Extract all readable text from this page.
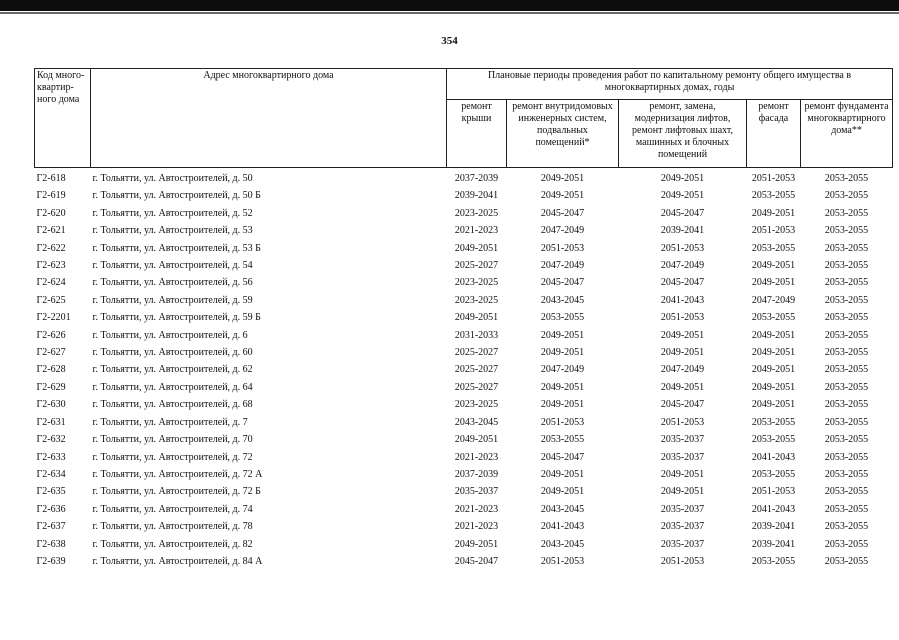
354
Код много-квартир-ного дома	Адрес многоквартирного дома	Плановые периоды проведения работ по капитальному ремонту общего имущества в многоквартирных домах, годы				
		ремонт крыши	ремонт внутридомовых инженерных систем, подвальных помещений*	ремонт, замена, модернизация лифтов, ремонт лифтовых шахт, машинных и блочных помещений	ремонт фасада	ремонт фундамента многоквартирного дома**
Г2-618	г. Тольятти, ул. Автостроителей, д. 50	2037-2039	2049-2051	2049-2051	2051-2053	2053-2055
Г2-619	г. Тольятти, ул. Автостроителей, д. 50 Б	2039-2041	2049-2051	2049-2051	2053-2055	2053-2055
Г2-620	г. Тольятти, ул. Автостроителей, д. 52	2023-2025	2045-2047	2045-2047	2049-2051	2053-2055
Г2-621	г. Тольятти, ул. Автостроителей, д. 53	2021-2023	2047-2049	2039-2041	2051-2053	2053-2055
Г2-622	г. Тольятти, ул. Автостроителей, д. 53 Б	2049-2051	2051-2053	2051-2053	2053-2055	2053-2055
Г2-623	г. Тольятти, ул. Автостроителей, д. 54	2025-2027	2047-2049	2047-2049	2049-2051	2053-2055
Г2-624	г. Тольятти, ул. Автостроителей, д. 56	2023-2025	2045-2047	2045-2047	2049-2051	2053-2055
Г2-625	г. Тольятти, ул. Автостроителей, д. 59	2023-2025	2043-2045	2041-2043	2047-2049	2053-2055
Г2-2201	г. Тольятти, ул. Автостроителей, д. 59 Б	2049-2051	2053-2055	2051-2053	2053-2055	2053-2055
Г2-626	г. Тольятти, ул. Автостроителей, д. 6	2031-2033	2049-2051	2049-2051	2049-2051	2053-2055
Г2-627	г. Тольятти, ул. Автостроителей, д. 60	2025-2027	2049-2051	2049-2051	2049-2051	2053-2055
Г2-628	г. Тольятти, ул. Автостроителей, д. 62	2025-2027	2047-2049	2047-2049	2049-2051	2053-2055
Г2-629	г. Тольятти, ул. Автостроителей, д. 64	2025-2027	2049-2051	2049-2051	2049-2051	2053-2055
Г2-630	г. Тольятти, ул. Автостроителей, д. 68	2023-2025	2049-2051	2045-2047	2049-2051	2053-2055
Г2-631	г. Тольятти, ул. Автостроителей, д. 7	2043-2045	2051-2053	2051-2053	2053-2055	2053-2055
Г2-632	г. Тольятти, ул. Автостроителей, д. 70	2049-2051	2053-2055	2035-2037	2053-2055	2053-2055
Г2-633	г. Тольятти, ул. Автостроителей, д. 72	2021-2023	2045-2047	2035-2037	2041-2043	2053-2055
Г2-634	г. Тольятти, ул. Автостроителей, д. 72 А	2037-2039	2049-2051	2049-2051	2053-2055	2053-2055
Г2-635	г. Тольятти, ул. Автостроителей, д. 72 Б	2035-2037	2049-2051	2049-2051	2051-2053	2053-2055
Г2-636	г. Тольятти, ул. Автостроителей, д. 74	2021-2023	2043-2045	2035-2037	2041-2043	2053-2055
Г2-637	г. Тольятти, ул. Автостроителей, д. 78	2021-2023	2041-2043	2035-2037	2039-2041	2053-2055
Г2-638	г. Тольятти, ул. Автостроителей, д. 82	2049-2051	2043-2045	2035-2037	2039-2041	2053-2055
Г2-639	г. Тольятти, ул. Автостроителей, д. 84 А	2045-2047	2051-2053	2051-2053	2053-2055	2053-2055
